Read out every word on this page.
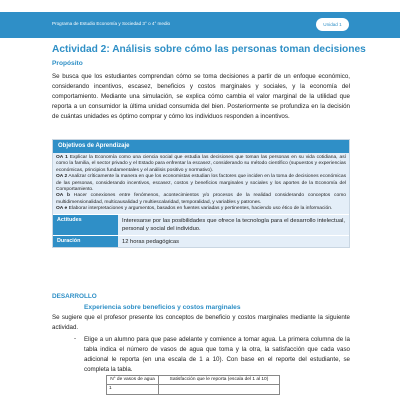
Programa de Estudio Economía y Sociedad 3° o 4° medio	Unidad 1
Actividad 2: Análisis sobre cómo las personas toman decisiones
Propósito
Se busca que los estudiantes comprendan cómo se toma decisiones a partir de un enfoque económico, considerando incentivos, escasez, beneficios y costos marginales y sociales, y la economía del comportamiento. Mediante una simulación, se explica cómo cambia el valor marginal de la utilidad que reporta a un consumidor la última unidad consumida del bien. Posteriormente se profundiza en la decisión de cuántas unidades es óptimo comprar y cómo los individuos responden a incentivos.
Objetivos de Aprendizaje

OA 1 Explicar la Economía como una ciencia social que estudia las decisiones que toman las personas en su vida cotidiana, así como la familia, el sector privado y el Estado para enfrentar la escasez, considerando su método científico (supuestos y experiencias económicas, principios fundamentales y el análisis positivo y normativo).

OA 2 Analizar críticamente la manera en que los economistas estudian los factores que inciden en la toma de decisiones económicas de las personas, considerando incentivos, escasez, costos y beneficios marginales y sociales y los aportes de la Economía del Comportamiento.

OA b Hacer conexiones entre fenómenos, acontecimientos y/o procesos de la realidad considerando conceptos como multidimensionalidad, multicausalidad y multiescalaridad, temporalidad, y variables y patrones.

OA e Elaborar interpretaciones y argumentos, basados en fuentes variadas y pertinentes, haciendo uso ético de la información.

Actitudes	Interesarse por las posibilidades que ofrece la tecnología para el desarrollo intelectual, personal y social del individuo.
Duración	12 horas pedagógicas
DESARROLLO
Experiencia sobre beneficios y costos marginales
Se sugiere que el profesor presente los conceptos de beneficio y costos marginales mediante la siguiente actividad.
- Elige a un alumno para que pase adelante y comience a tomar agua. La primera columna de la tabla indica el número de vasos de agua que toma y la otra, la satisfacción que cada vaso adicional le reporta (en una escala de 1 a 10). Con base en el reporte del estudiante, se completa la tabla.
N° de vasos de agua	Satisfacción que le reporta (escala del 1 al 10)
1	
